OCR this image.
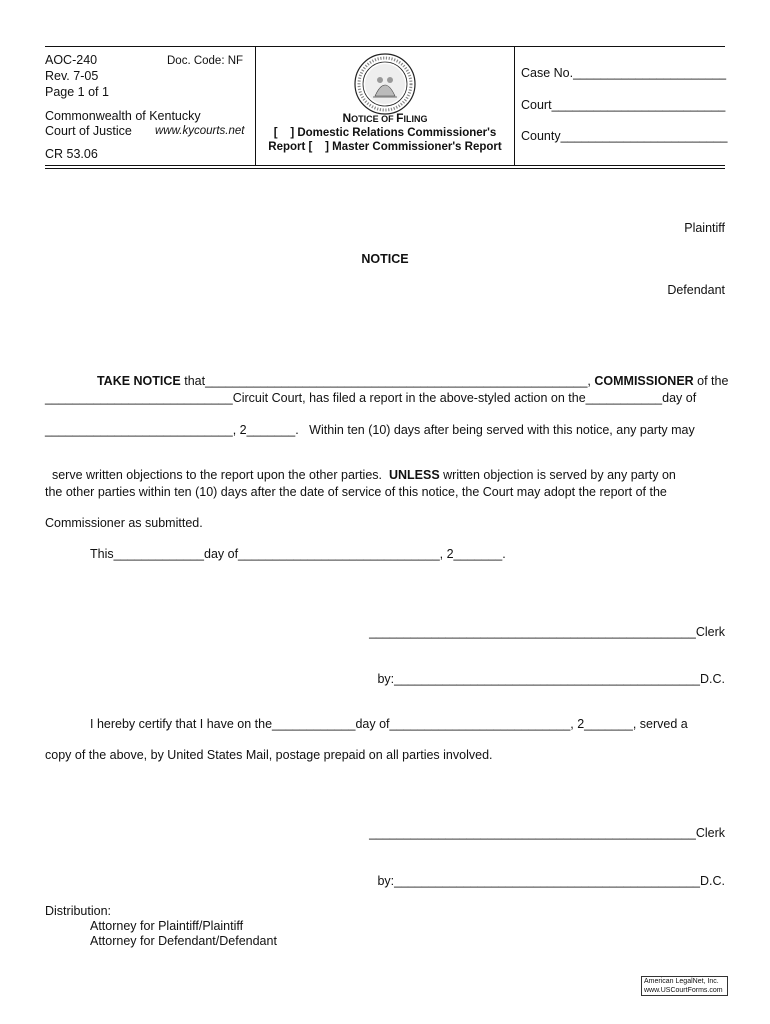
AOC-240	Doc. Code: NF
Rev. 7-05
Page 1 of 1
Commonwealth of Kentucky
Court of Justice www.kycourts.net
CR 53.06
NOTICE OF FILING
[    ] Domestic Relations Commissioner's
Report [    ] Master Commissioner's Report
Case No.______________________
Court_________________________
County________________________
Plaintiff
NOTICE
Defendant

TAKE NOTICE that_______________________________________________________, COMMISSIONER of the

___________________________Circuit Court, has filed a report in the above-styled action on the___________day of
___________________________, 2_______.   Within ten (10) days after being served with this notice, any party may

serve written objections to the report upon the other parties.  UNLESS written objection is served by any party on

the other parties within ten (10) days after the date of service of this notice, the Court may adopt the report of the
Commissioner as submitted.
This_____________day of_____________________________, 2_______.
_______________________________________________Clerk
by:____________________________________________D.C.
I hereby certify that I have on the____________day of__________________________, 2_______, served a
copy of the above, by United States Mail, postage prepaid on all parties involved.
_______________________________________________Clerk
by:____________________________________________D.C.
Distribution:
Attorney for Plaintiff/Plaintiff
Attorney for Defendant/Defendant
American LegalNet, Inc.
www.USCourtForms.com
